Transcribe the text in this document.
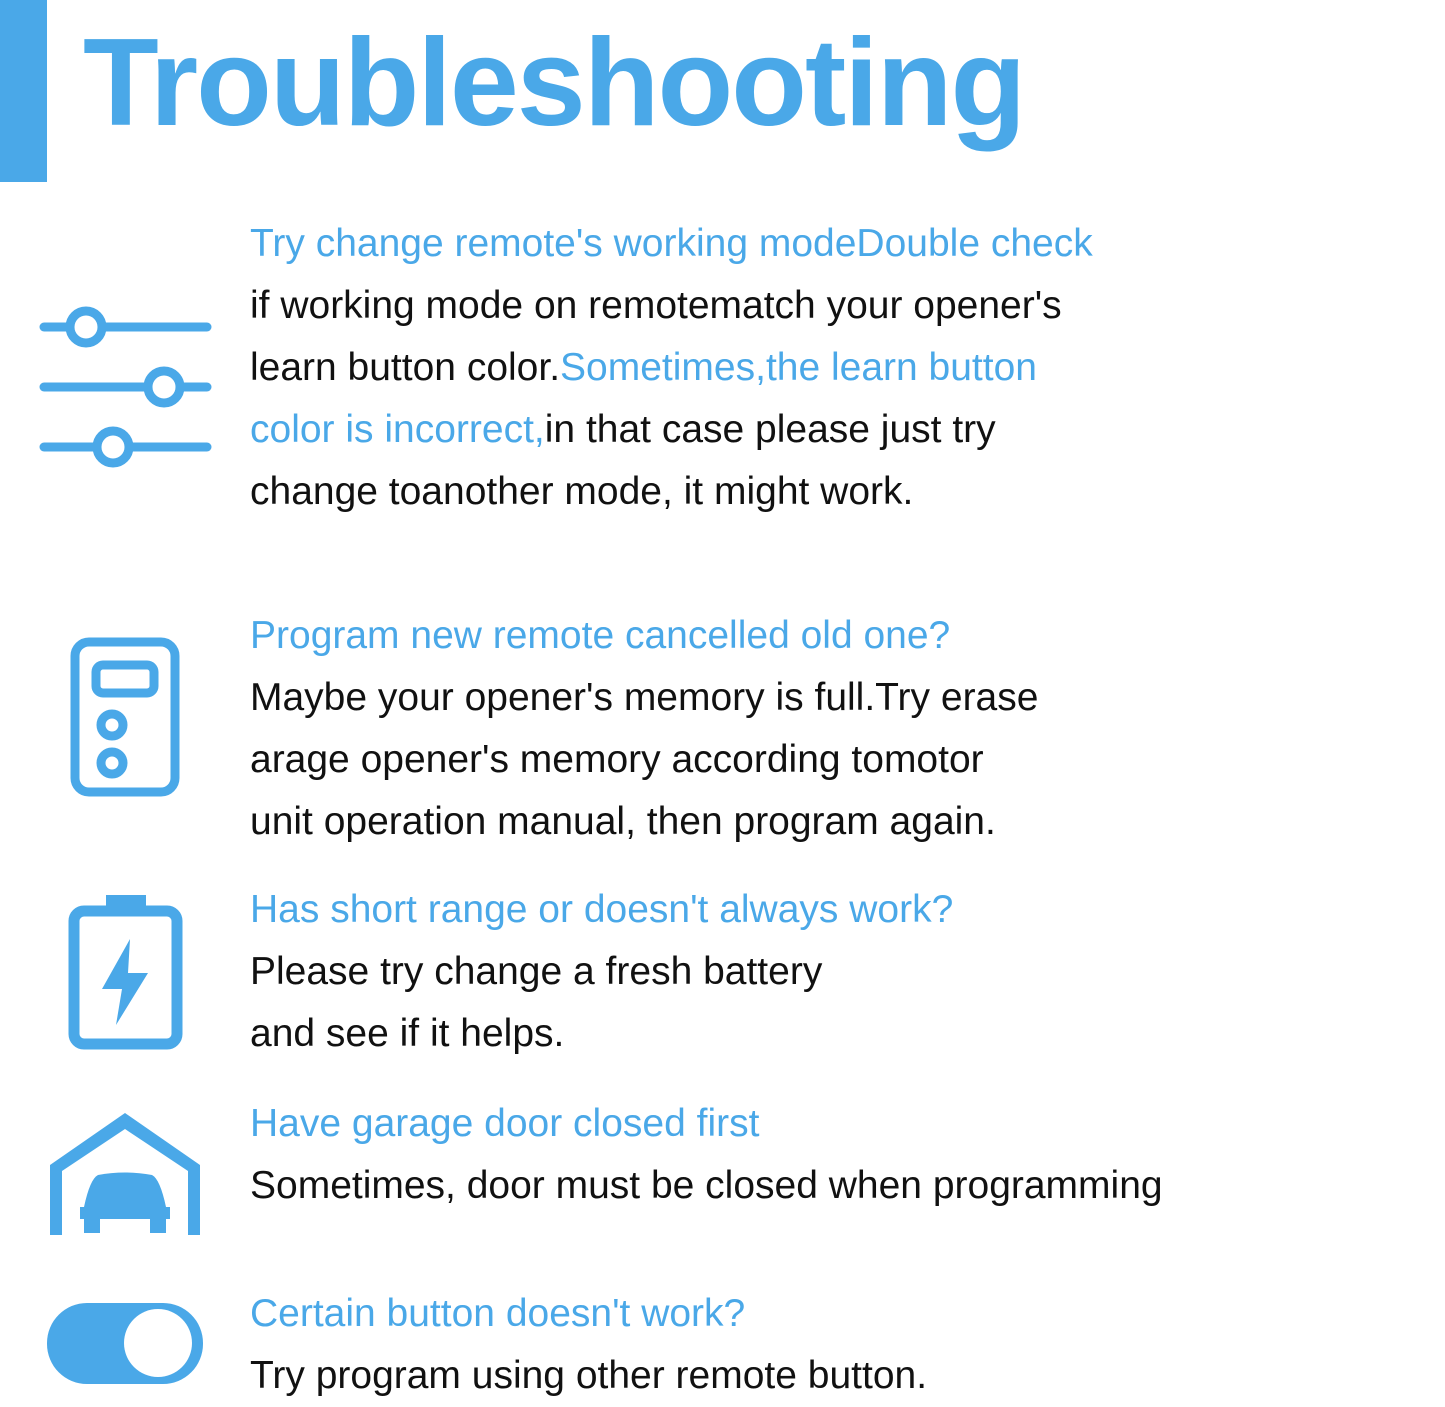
Troubleshooting

Try change remote's working modeDouble check

if working mode on remotematch your opener's
learn button color.Sometimes,the learn button
color is incorrect,in that case please just try
change toanother mode, it might work.

Program new remote cancelled old one?

Maybe your opener's memory is full.Try erase
arage opener's memory according tomotor
unit operation manual, then program again.

Has short range or doesn't always work?

Please try change a fresh battery
and see if it helps.

Have garage door closed first

Sometimes, door must be closed when programming

Certain button doesn't work?

Try program using other remote button.
